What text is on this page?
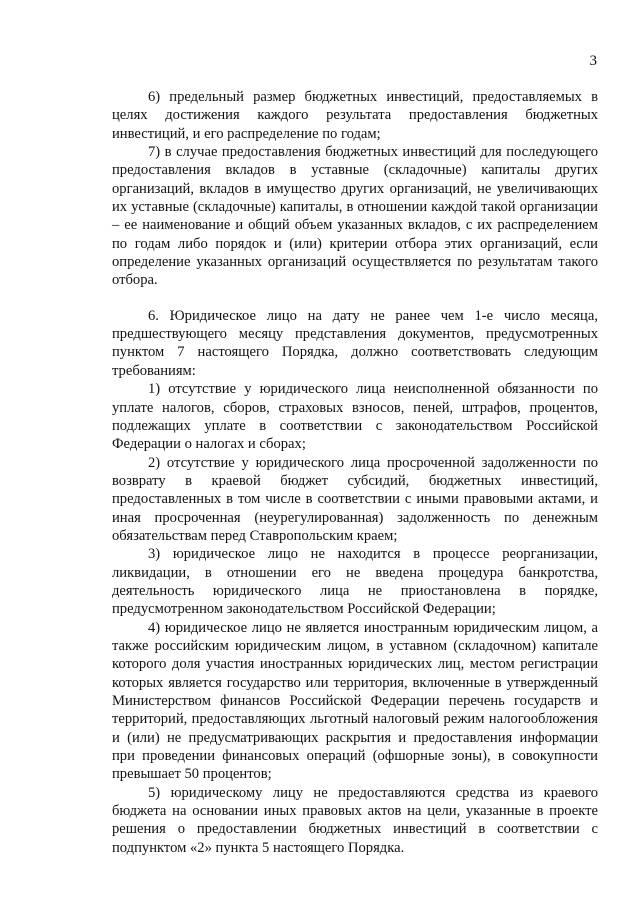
3

6) предельный размер бюджетных инвестиций, предоставляемых в целях достижения каждого результата предоставления бюджетных инвестиций, и его распределение по годам;

7) в случае предоставления бюджетных инвестиций для последующего предоставления вкладов в уставные (складочные) капиталы других организаций, вкладов в имущество других организаций, не увеличивающих их уставные (складочные) капиталы, в отношении каждой такой организации – ее наименование и общий объем указанных вкладов, с их распределением по годам либо порядок и (или) критерии отбора этих организаций, если определение указанных организаций осуществляется по результатам такого отбора.

6. Юридическое лицо на дату не ранее чем 1-е число месяца, предшествующего месяцу представления документов, предусмотренных пунктом 7 настоящего Порядка, должно соответствовать следующим требованиям:

1) отсутствие у юридического лица неисполненной обязанности по уплате налогов, сборов, страховых взносов, пеней, штрафов, процентов, подлежащих уплате в соответствии с законодательством Российской Федерации о налогах и сборах;

2) отсутствие у юридического лица просроченной задолженности по возврату в краевой бюджет субсидий, бюджетных инвестиций, предоставленных в том числе в соответствии с иными правовыми актами, и иная просроченная (неурегулированная) задолженность по денежным обязательствам перед Ставропольским краем;

3) юридическое лицо не находится в процессе реорганизации, ликвидации, в отношении его не введена процедура банкротства, деятельность юридического лица не приостановлена в порядке, предусмотренном законодательством Российской Федерации;

4) юридическое лицо не является иностранным юридическим лицом, а также российским юридическим лицом, в уставном (складочном) капитале которого доля участия иностранных юридических лиц, местом регистрации которых является государство или территория, включенные в утвержденный Министерством финансов Российской Федерации перечень государств и территорий, предоставляющих льготный налоговый режим налогообложения и (или) не предусматривающих раскрытия и предоставления информации при проведении финансовых операций (офшорные зоны), в совокупности превышает 50 процентов;

5) юридическому лицу не предоставляются средства из краевого бюджета на основании иных правовых актов на цели, указанные в проекте решения о предоставлении бюджетных инвестиций в соответствии с подпунктом «2» пункта 5 настоящего Порядка.
